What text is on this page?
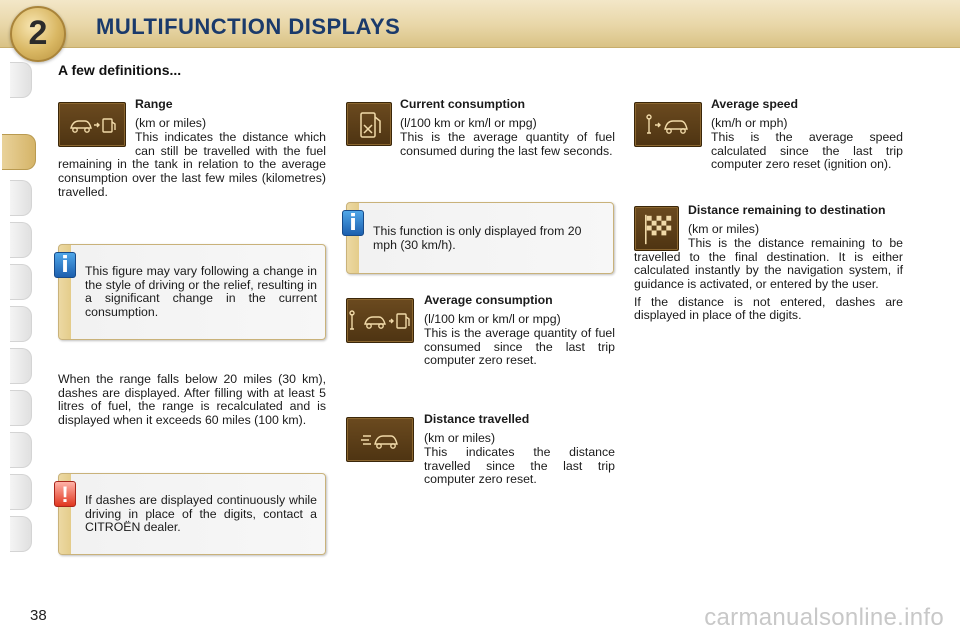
2	MULTIFUNCTION DISPLAYS
A few definitions...
Range
(km or miles)
This indicates the distance which can still be travelled with the fuel remaining in the tank in relation to the average consumption over the last few miles (kilometres) travelled.
This figure may vary following a change in the style of driving or the relief, resulting in a significant change in the current consumption.
i
When the range falls below 20 miles (30 km), dashes are displayed. After filling with at least 5 litres of fuel, the range is recalculated and is displayed when it exceeds 60 miles (100 km).
If dashes are displayed continuously while driving in place of the digits, contact a CITROËN dealer.
!
Current consumption
(l/100 km or km/l or mpg)
This is the average quantity of fuel consumed during the last few seconds.
This function is only displayed from 20 mph (30 km/h).
i
Average consumption
(l/100 km or km/l or mpg)
This is the average quantity of fuel consumed since the last trip computer zero reset.
Distance travelled
(km or miles)
This indicates the distance travelled since the last trip computer zero reset.
Average speed
(km/h or mph)
This is the average speed calculated since the last trip computer zero reset (ignition on).
Distance remaining to destination
(km or miles)
This is the distance remaining to be travelled to the final destination. It is either calculated instantly by the navigation system, if guidance is activated, or entered by the user.
If the distance is not entered, dashes are displayed in place of the digits.
38	carmanualsonline.info
